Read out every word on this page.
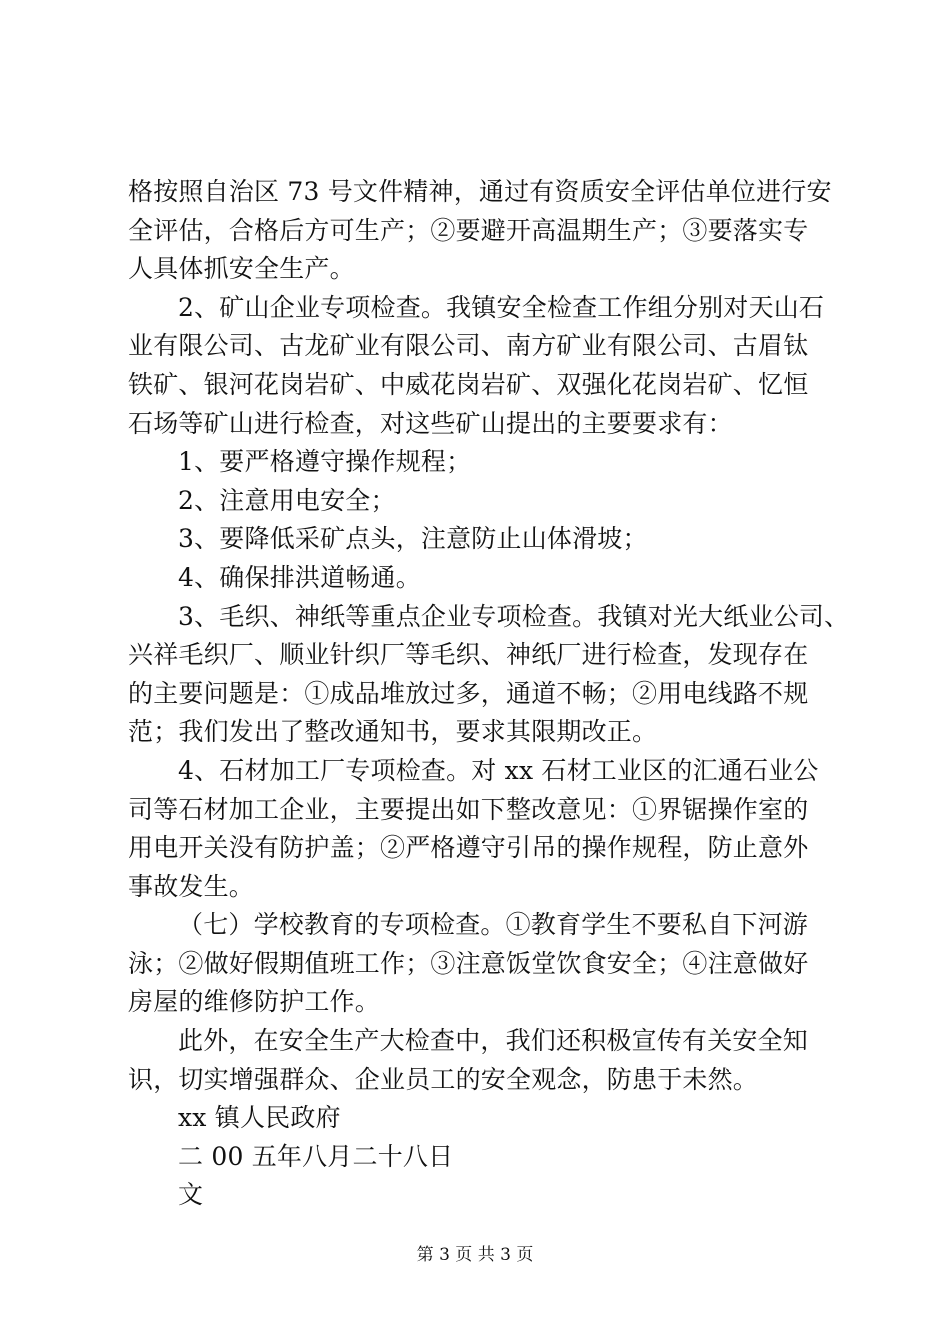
格按照自治区 73 号文件精神，通过有资质安全评估单位进行安
全评估，合格后方可生产；②要避开高温期生产；③要落实专
人具体抓安全生产。
2、矿山企业专项检查。我镇安全检查工作组分别对天山石
业有限公司、古龙矿业有限公司、南方矿业有限公司、古眉钛
铁矿、银河花岗岩矿、中威花岗岩矿、双强化花岗岩矿、忆恒
石场等矿山进行检查，对这些矿山提出的主要要求有：
1、要严格遵守操作规程；
2、注意用电安全；
3、要降低采矿点头，注意防止山体滑坡；
4、确保排洪道畅通。
3、毛织、神纸等重点企业专项检查。我镇对光大纸业公司、
兴祥毛织厂、顺业针织厂等毛织、神纸厂进行检查，发现存在
的主要问题是：①成品堆放过多，通道不畅；②用电线路不规
范；我们发出了整改通知书，要求其限期改正。
4、石材加工厂专项检查。对 xx 石材工业区的汇通石业公
司等石材加工企业，主要提出如下整改意见：①界锯操作室的
用电开关没有防护盖；②严格遵守引吊的操作规程，防止意外
事故发生。
（七）学校教育的专项检查。①教育学生不要私自下河游
泳；②做好假期值班工作；③注意饭堂饮食安全；④注意做好
房屋的维修防护工作。
此外，在安全生产大检查中，我们还积极宣传有关安全知
识，切实增强群众、企业员工的安全观念，防患于未然。
xx 镇人民政府
二 00 五年八月二十八日
文
第 3 页 共 3 页
